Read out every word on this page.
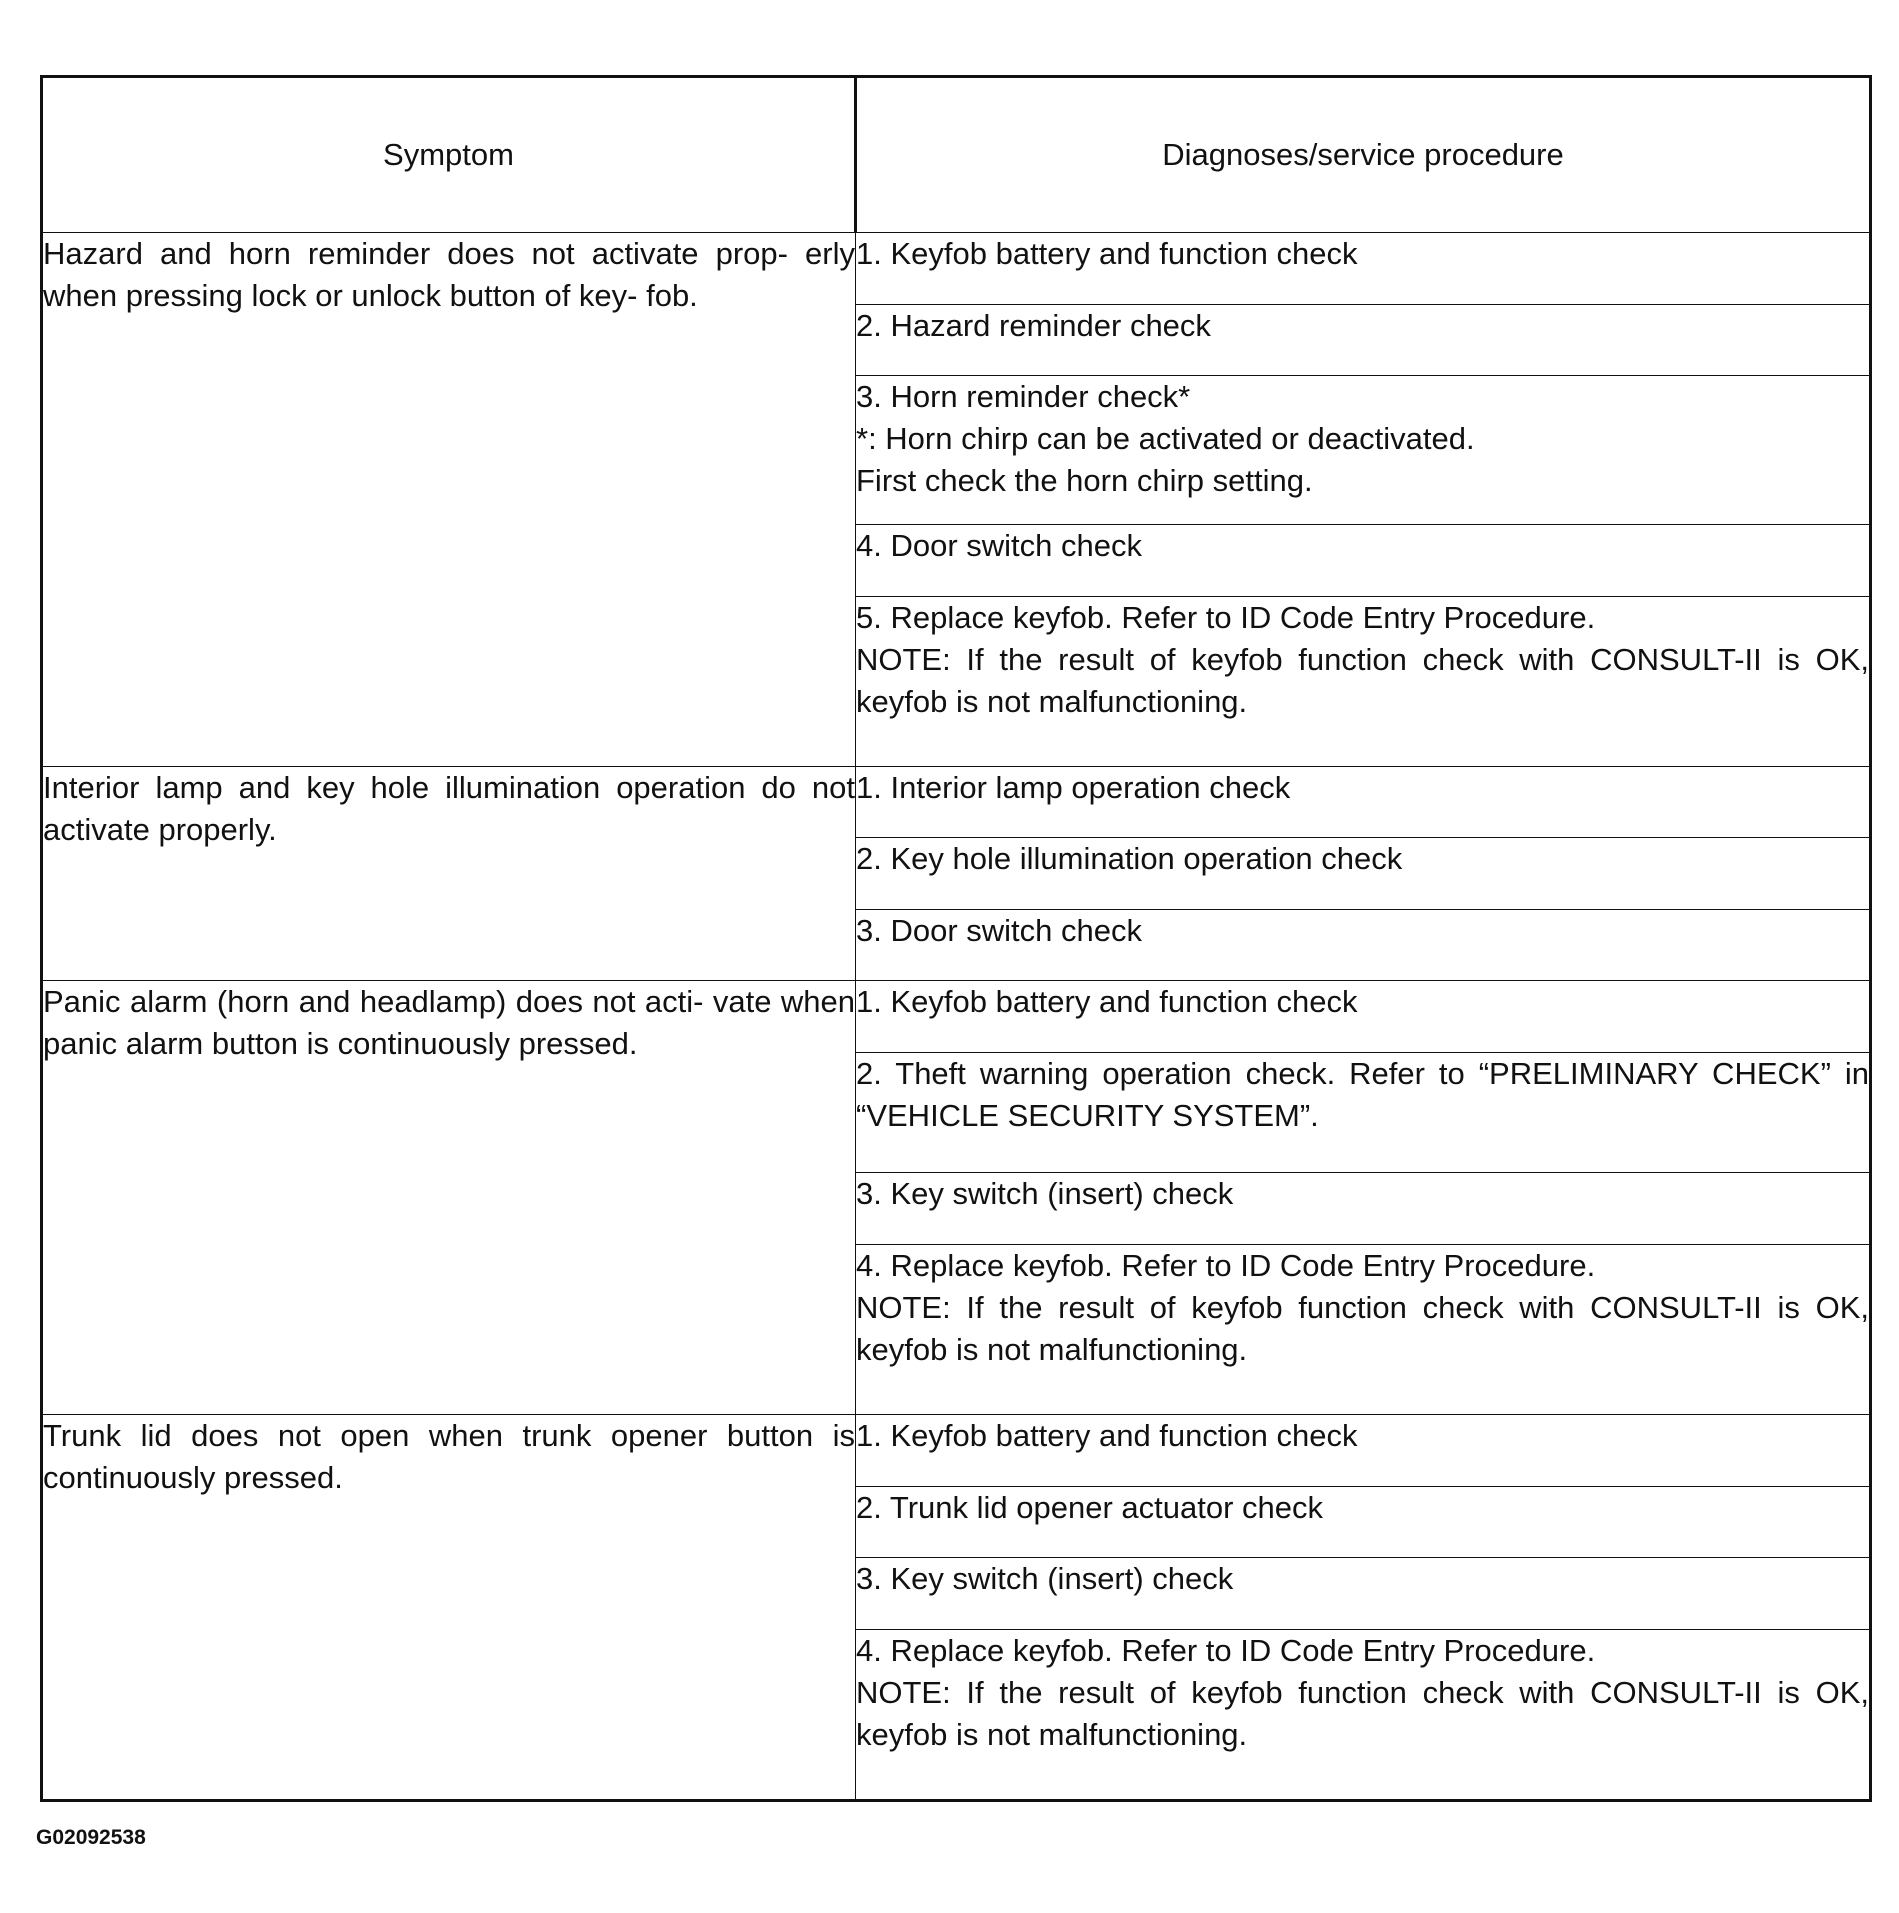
Symptom	Diagnoses/service procedure
Hazard and horn reminder does not activate prop- erly when pressing lock or unlock button of key- fob.	1. Keyfob battery and function check

	2. Hazard reminder check

	3. Horn reminder check*
*: Horn chirp can be activated or deactivated.
First check the horn chirp setting.

	4. Door switch check

	5. Replace keyfob. Refer to ID Code Entry Procedure.
NOTE: If the result of keyfob function check with CONSULT-II is OK, keyfob is not malfunctioning.

Interior lamp and key hole illumination operation do not activate properly.	1. Interior lamp operation check

	2. Key hole illumination operation check

	3. Door switch check

Panic alarm (horn and headlamp) does not acti- vate when panic alarm button is continuously pressed.	1. Keyfob battery and function check

	2. Theft warning operation check. Refer to “PRELIMINARY CHECK” in “VEHICLE SECURITY SYSTEM”.

	3. Key switch (insert) check

	4. Replace keyfob. Refer to ID Code Entry Procedure.
NOTE: If the result of keyfob function check with CONSULT-II is OK, keyfob is not malfunctioning.

Trunk lid does not open when trunk opener button is continuously pressed.	1. Keyfob battery and function check

	2. Trunk lid opener actuator check

	3. Key switch (insert) check

	4. Replace keyfob. Refer to ID Code Entry Procedure.
NOTE: If the result of keyfob function check with CONSULT-II is OK, keyfob is not malfunctioning.
G02092538
